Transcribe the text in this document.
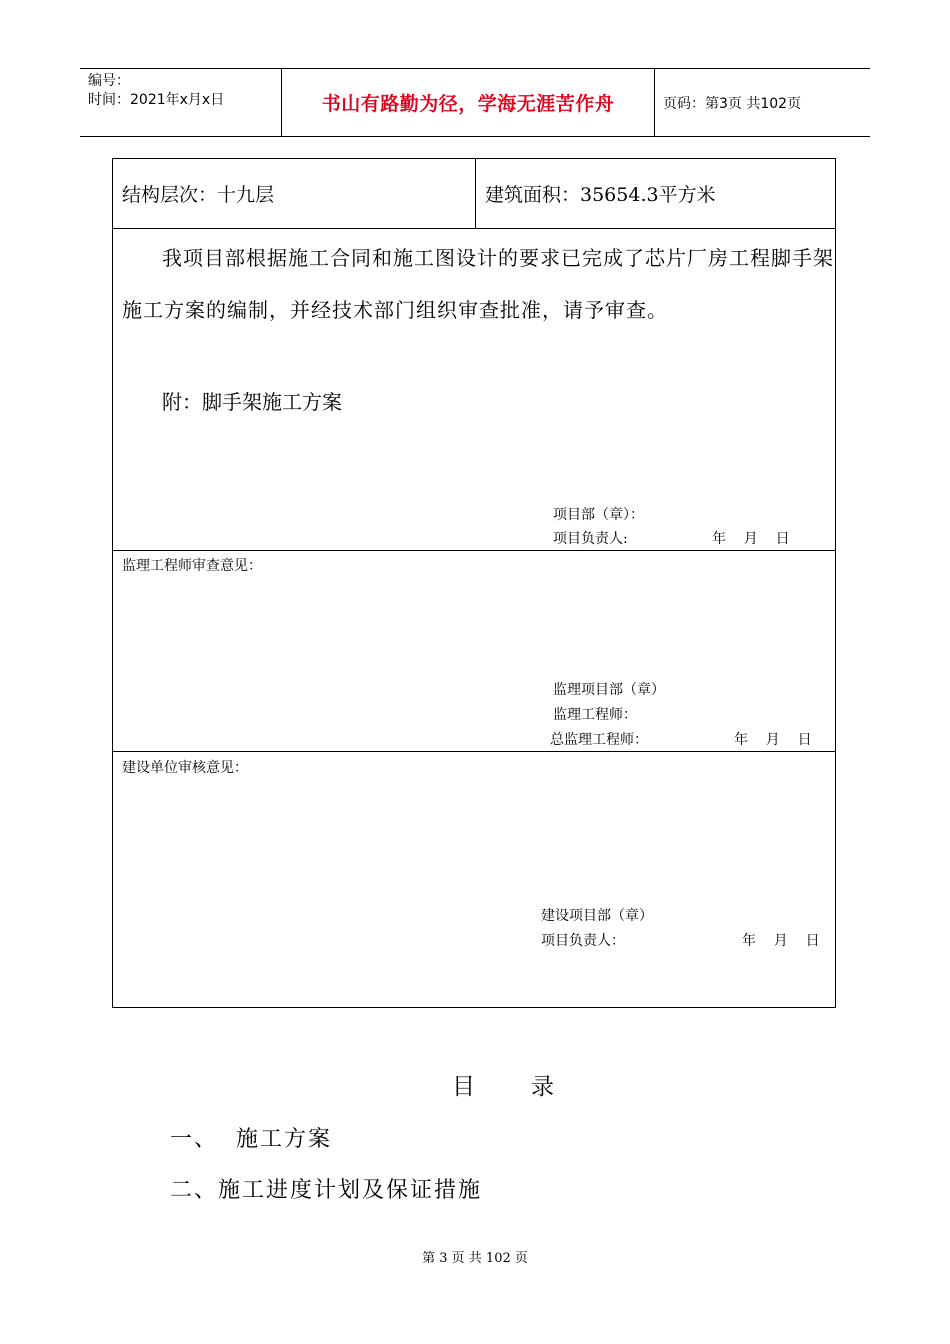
编号：
时间：2021年x月x日	书山有路勤为径，学海无涯苦作舟	页码：第3页 共102页
结构层次：十九层	建筑面积：35654.3平方米
我项目部根据施工合同和施工图设计的要求已完成了芯片厂房工程脚手架施工方案的编制，并经技术部门组织审查批准，请予审查。
附：脚手架施工方案
项目部（章）：
项目负责人:	年    月    日
监理工程师审查意见：
监理项目部（章）
监理工程师：
总监理工程师：	年    月    日
建设单位审核意见：
建设项目部（章）
项目负责人：	年    月    日
目录
一、  施工方案
二、施工进度计划及保证措施
第 3 页 共 102 页
